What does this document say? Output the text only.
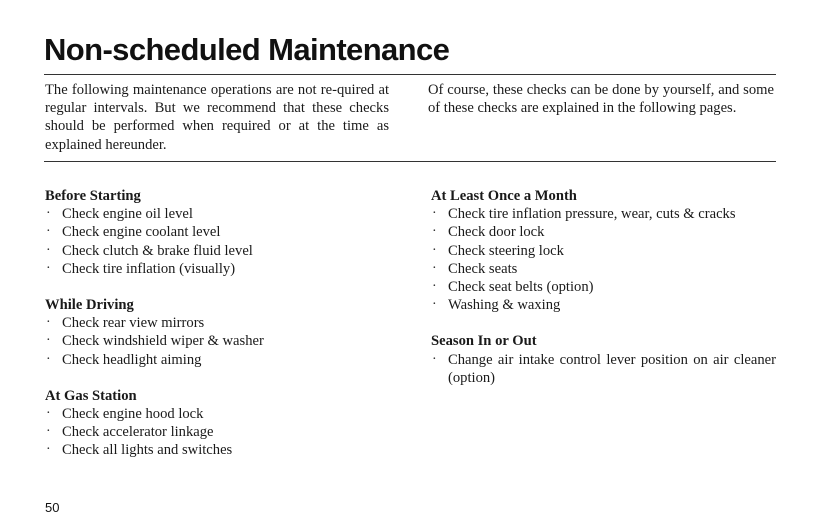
Non-scheduled Maintenance

The following maintenance operations are not re-quired at regular intervals. But we recommend that these checks should be performed when required or at the time as explained hereunder.

Of course, these checks can be done by yourself, and some of these checks are explained in the following pages.

Before Starting

· Check engine oil level
· Check engine coolant level
· Check clutch & brake fluid level
· Check tire inflation (visually)

While Driving

· Check rear view mirrors
· Check windshield wiper & washer
· Check headlight aiming

At Gas Station

· Check engine hood lock
· Check accelerator linkage
· Check all lights and switches

At Least Once a Month

· Check tire inflation pressure, wear, cuts & cracks
· Check door lock
· Check steering lock
· Check seats
· Check seat belts (option)
· Washing & waxing

Season In or Out

· Change air intake control lever position on air cleaner (option)
50
